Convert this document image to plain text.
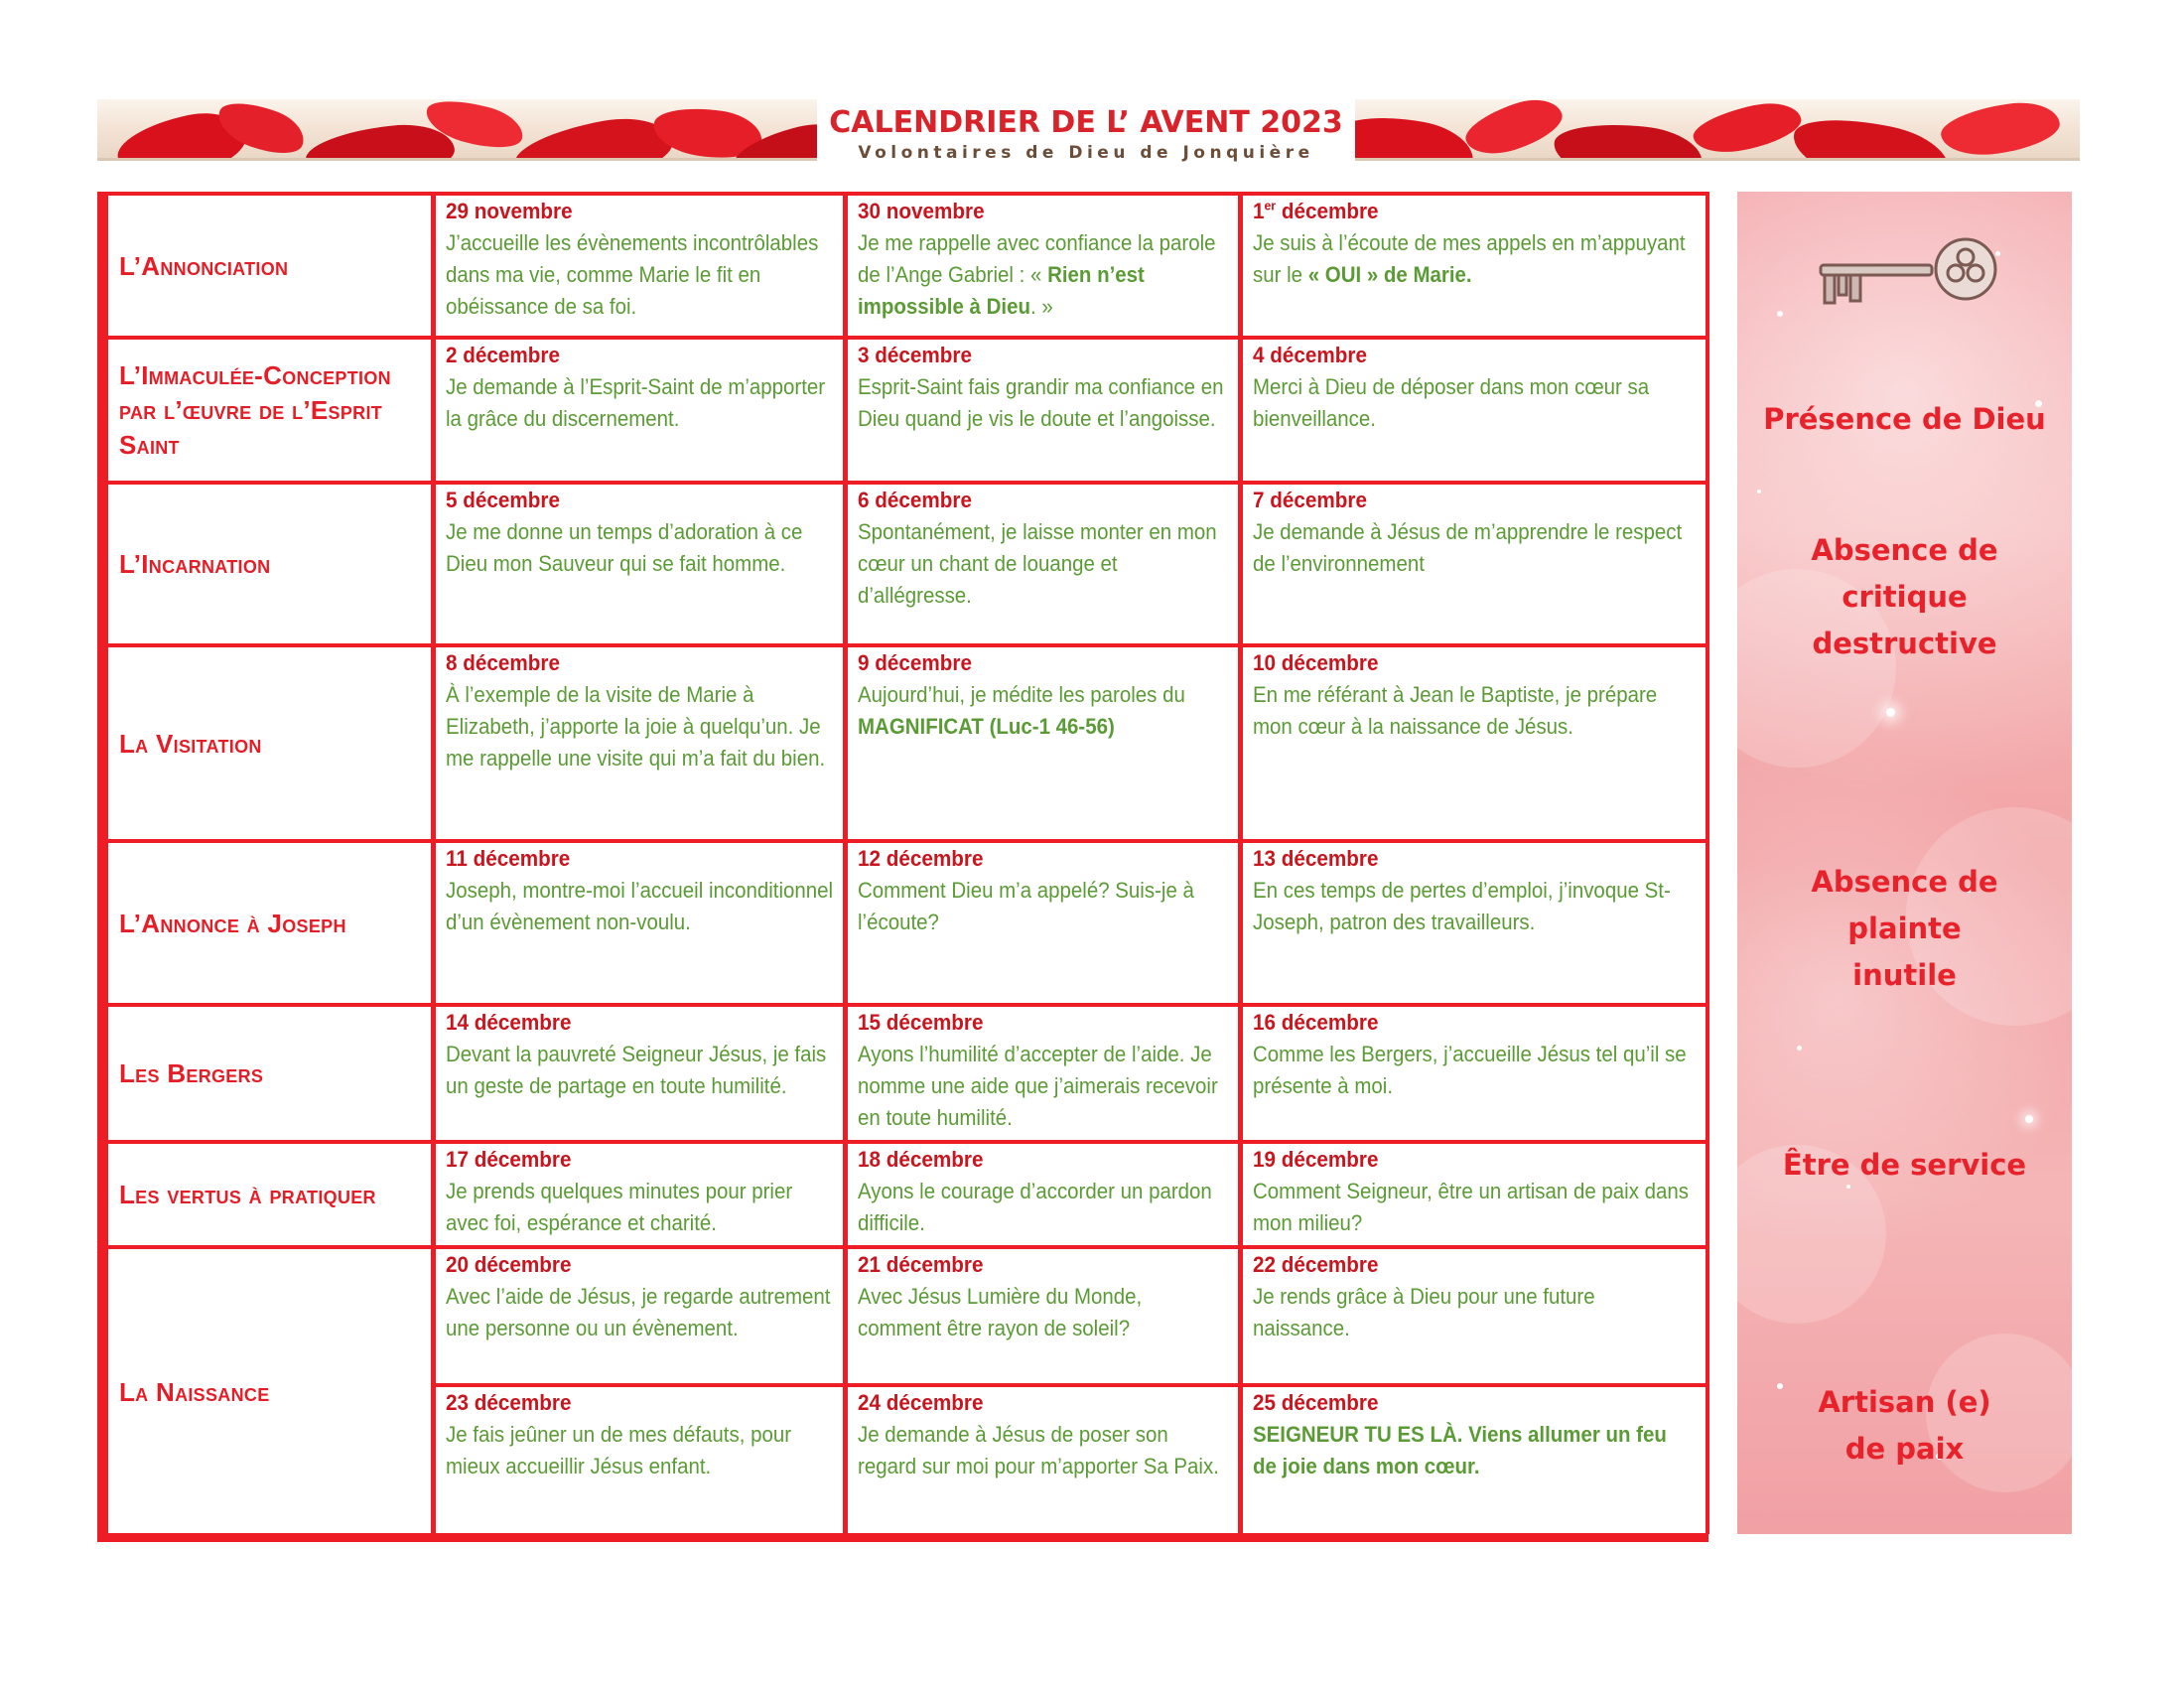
CALENDRIER DE L’ AVENT 2023
Volontaires de Dieu de Jonquière
L’Annonciation
L’Immaculée-Conception par l’œuvre de l’Esprit Saint
L’Incarnation
La Visitation
L’Annonce à Joseph
Les Bergers
Les vertus à pratiquer
La Naissance
29 novembre
J’accueille les évènements incontrôlables dans ma vie, comme Marie le fit en obéissance de sa foi.
30 novembre
Je me rappelle avec confiance la parole de l’Ange Gabriel : « Rien n’est impossible à Dieu. »
1er décembre
Je suis à l’écoute de mes appels en m’appuyant sur le « OUI » de Marie.
2 décembre
Je demande à l’Esprit-Saint de m’apporter la grâce du discernement.
3 décembre
Esprit-Saint fais grandir ma confiance en Dieu quand je vis le doute et l’angoisse.
4 décembre
Merci à Dieu de déposer dans mon cœur sa bienveillance.
5 décembre
Je me donne un temps d’adoration à ce Dieu mon Sauveur qui se fait homme.
6 décembre
Spontanément, je laisse monter en mon cœur un chant de louange et d’allégresse.
7 décembre
Je demande à Jésus de m’apprendre le respect de l’environnement
8 décembre
À l’exemple de la visite de Marie à Elizabeth, j’apporte la joie à quelqu’un. Je me rappelle une visite qui m’a fait du bien.
9 décembre
Aujourd’hui, je médite les paroles du MAGNIFICAT (Luc-1 46-56)
10 décembre
En me référant à Jean le Baptiste, je prépare mon cœur à la naissance de Jésus.
11 décembre
Joseph, montre-moi l’accueil inconditionnel d’un évènement non-voulu.
12 décembre
Comment Dieu m’a appelé? Suis-je à l’écoute?
13 décembre
En ces temps de pertes d’emploi, j’invoque St-Joseph, patron des travailleurs.
14 décembre
Devant la pauvreté Seigneur Jésus, je fais un geste de partage en toute humilité.
15 décembre
Ayons l’humilité d’accepter de l’aide. Je nomme une aide que j’aimerais recevoir en toute humilité.
16 décembre
Comme les Bergers, j’accueille Jésus tel qu’il se présente à moi.
17 décembre
Je prends quelques minutes pour prier avec foi, espérance et charité.
18 décembre
Ayons le courage d’accorder un pardon difficile.
19 décembre
Comment Seigneur, être un artisan de paix dans mon milieu?
20 décembre
Avec l’aide de Jésus, je regarde autrement une personne ou un évènement.
21 décembre
Avec Jésus Lumière du Monde, comment être rayon de soleil?
22 décembre
Je rends grâce à Dieu pour une future naissance.
23 décembre
Je fais jeûner un de mes défauts, pour mieux accueillir Jésus enfant.
24 décembre
Je demande à Jésus de poser son regard sur moi pour m’apporter Sa Paix.
25 décembre
SEIGNEUR TU ES LÀ. Viens allumer un feu de joie dans mon cœur.
Présence de Dieu
Absence de critique destructive
Absence de plainte inutile
Être de service
Artisan (e) de paix
